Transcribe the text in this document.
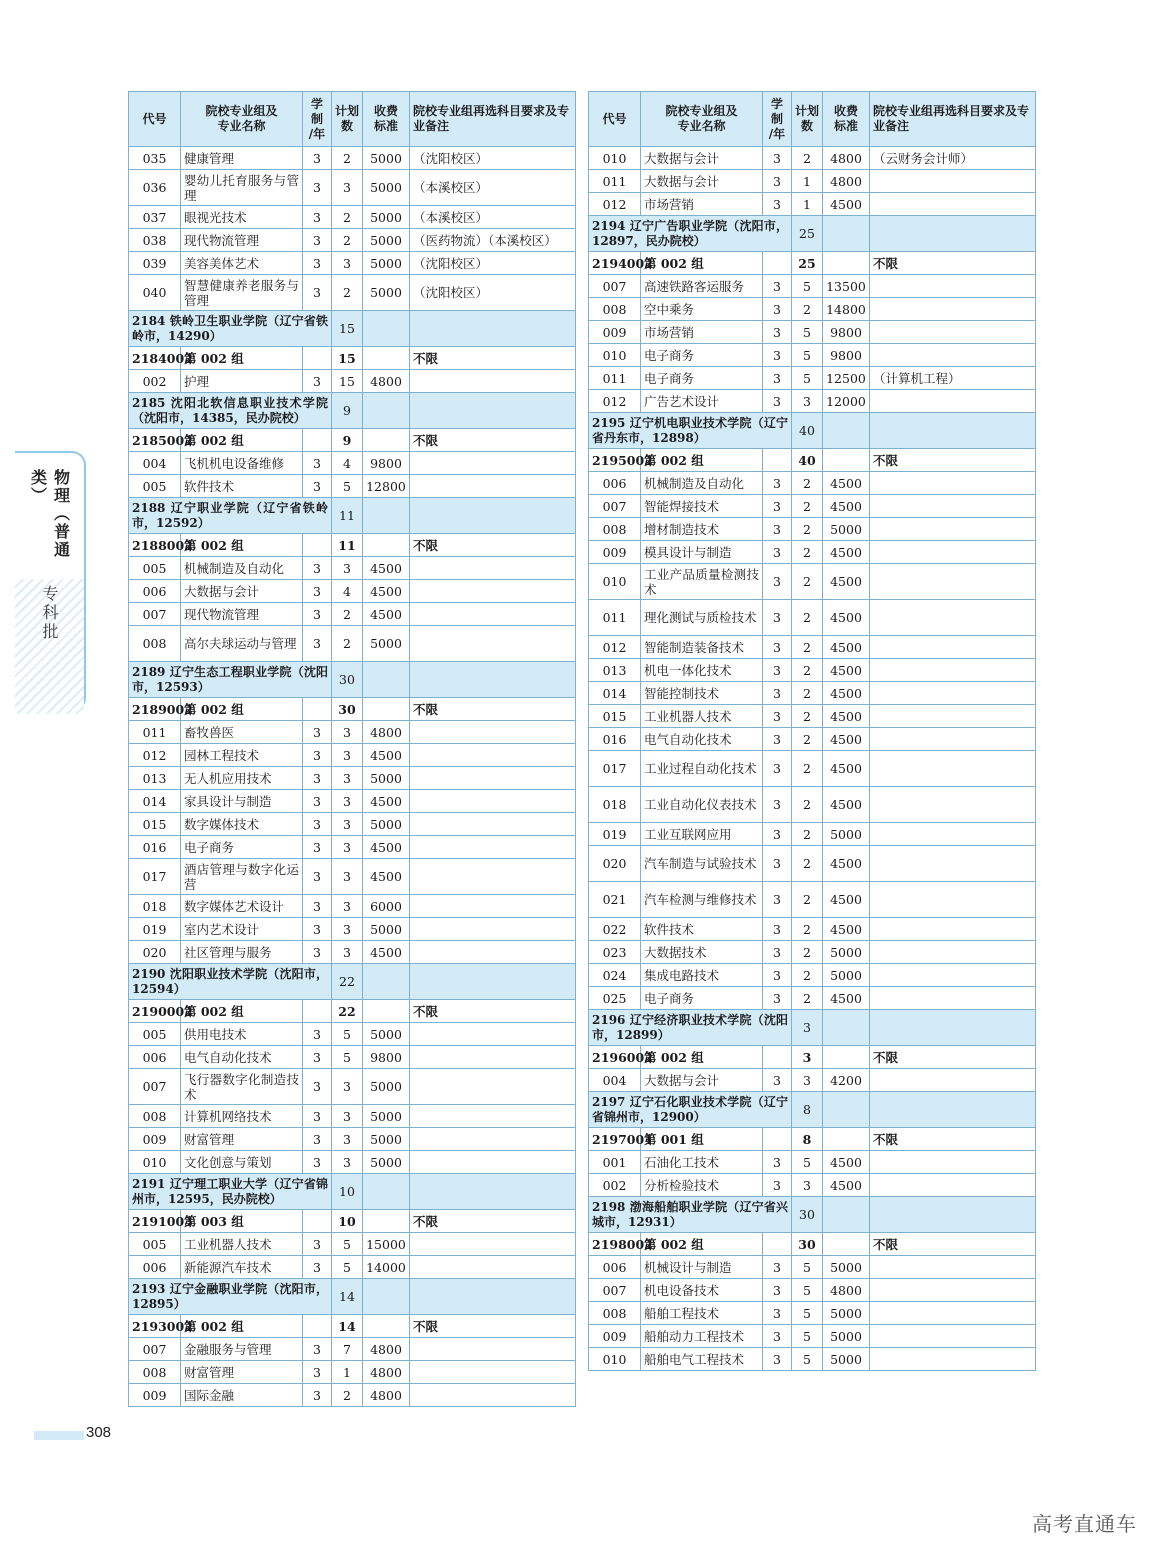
物理（普通类）
专科批
代号	院校专业组及
专业名称	学制
/年	计划数	收费
标准	院校专业组再选科目要求及专业备注
035	健康管理	3	2	5000	（沈阳校区）
036	婴幼儿托育服务与管理	3	3	5000	（本溪校区）
037	眼视光技术	3	2	5000	（本溪校区）
038	现代物流管理	3	2	5000	（医药物流）（本溪校区）
039	美容美体艺术	3	3	5000	（沈阳校区）
040	智慧健康养老服务与管理	3	2	5000	（沈阳校区）
2184 铁岭卫生职业学院（辽宁省铁岭市，14290）			15		
2184002	第 002 组		15		不限
002	护理	3	15	4800	
2185 沈阳北软信息职业技术学院（沈阳市，14385，民办院校）			9		
2185002	第 002 组		9		不限
004	飞机机电设备维修	3	4	9800	
005	软件技术	3	5	12800	
2188 辽宁职业学院（辽宁省铁岭市，12592）			11		
2188002	第 002 组		11		不限
005	机械制造及自动化	3	3	4500	
006	大数据与会计	3	4	4500	
007	现代物流管理	3	2	4500	
008	高尔夫球运动与管理	3	2	5000	
2189 辽宁生态工程职业学院（沈阳市，12593）			30		
2189002	第 002 组		30		不限
011	畜牧兽医	3	3	4800	
012	园林工程技术	3	3	4500	
013	无人机应用技术	3	3	5000	
014	家具设计与制造	3	3	4500	
015	数字媒体技术	3	3	5000	
016	电子商务	3	3	4500	
017	酒店管理与数字化运营	3	3	4500	
018	数字媒体艺术设计	3	3	6000	
019	室内艺术设计	3	3	5000	
020	社区管理与服务	3	3	4500	
2190 沈阳职业技术学院（沈阳市，12594）			22		
2190002	第 002 组		22		不限
005	供用电技术	3	5	5000	
006	电气自动化技术	3	5	9800	
007	飞行器数字化制造技术	3	3	5000	
008	计算机网络技术	3	3	5000	
009	财富管理	3	3	5000	
010	文化创意与策划	3	3	5000	
2191 辽宁理工职业大学（辽宁省锦州市，12595，民办院校）			10		
2191003	第 003 组		10		不限
005	工业机器人技术	3	5	15000	
006	新能源汽车技术	3	5	14000	
2193 辽宁金融职业学院（沈阳市，12895）			14		
2193002	第 002 组		14		不限
007	金融服务与管理	3	7	4800	
008	财富管理	3	1	4800	
009	国际金融	3	2	4800	
代号	院校专业组及
专业名称	学制
/年	计划数	收费
标准	院校专业组再选科目要求及专业备注
010	大数据与会计	3	2	4800	（云财务会计师）
011	大数据与会计	3	1	4800	
012	市场营销	3	1	4500	
2194 辽宁广告职业学院（沈阳市，12897，民办院校）			25		
2194002	第 002 组		25		不限
007	高速铁路客运服务	3	5	13500	
008	空中乘务	3	2	14800	
009	市场营销	3	5	9800	
010	电子商务	3	5	9800	
011	电子商务	3	5	12500	（计算机工程）
012	广告艺术设计	3	3	12000	
2195 辽宁机电职业技术学院（辽宁省丹东市，12898）			40		
2195002	第 002 组		40		不限
006	机械制造及自动化	3	2	4500	
007	智能焊接技术	3	2	4500	
008	增材制造技术	3	2	5000	
009	模具设计与制造	3	2	4500	
010	工业产品质量检测技术	3	2	4500	
011	理化测试与质检技术	3	2	4500	
012	智能制造装备技术	3	2	4500	
013	机电一体化技术	3	2	4500	
014	智能控制技术	3	2	4500	
015	工业机器人技术	3	2	4500	
016	电气自动化技术	3	2	4500	
017	工业过程自动化技术	3	2	4500	
018	工业自动化仪表技术	3	2	4500	
019	工业互联网应用	3	2	5000	
020	汽车制造与试验技术	3	2	4500	
021	汽车检测与维修技术	3	2	4500	
022	软件技术	3	2	4500	
023	大数据技术	3	2	5000	
024	集成电路技术	3	2	5000	
025	电子商务	3	2	4500	
2196 辽宁经济职业技术学院（沈阳市，12899）			3		
2196002	第 002 组		3		不限
004	大数据与会计	3	3	4200	
2197 辽宁石化职业技术学院（辽宁省锦州市，12900）			8		
2197001	第 001 组		8		不限
001	石油化工技术	3	5	4500	
002	分析检验技术	3	3	4500	
2198 渤海船舶职业学院（辽宁省兴城市，12931）			30		
2198002	第 002 组		30		不限
006	机械设计与制造	3	5	5000	
007	机电设备技术	3	5	4800	
008	船舶工程技术	3	5	5000	
009	船舶动力工程技术	3	5	5000	
010	船舶电气工程技术	3	5	5000	
308
高考直通车
